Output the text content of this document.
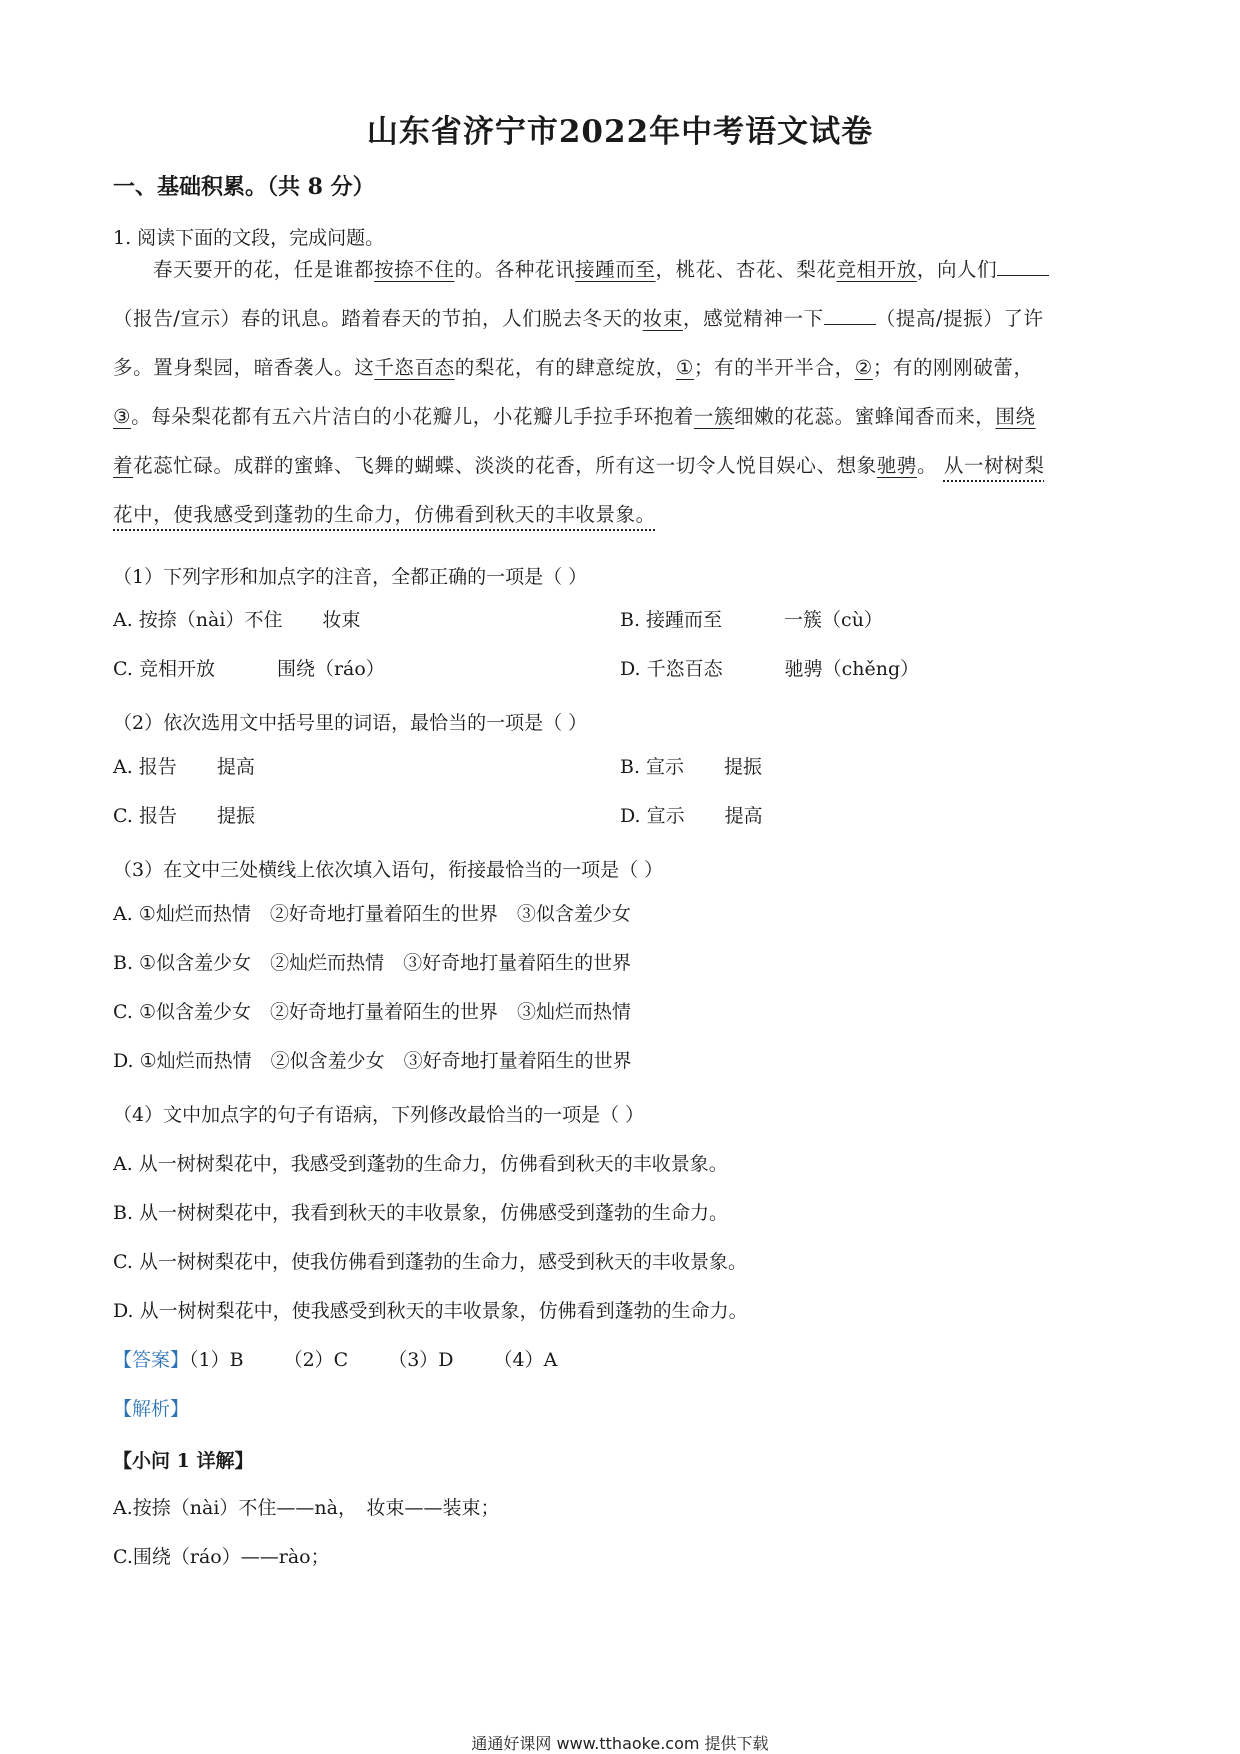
山东省济宁市2022年中考语文试卷
一、基础积累。（共 8 分）
1. 阅读下面的文段，完成问题。
春天要开的花，任是谁都按捺不住的。各种花讯接踵而至，桃花、杏花、梨花竞相开放，向人们
（报告/宣示）春的讯息。踏着春天的节拍，人们脱去冬天的妆束，感觉精神一下	（提高/提振）了许
多。置身梨园，暗香袭人。这千恣百态的梨花，有的肆意绽放，①；有的半开半合，②；有的刚刚破蕾，
③。每朵梨花都有五六片洁白的小花瓣儿，小花瓣儿手拉手环抱着一簇细嫩的花蕊。蜜蜂闻香而来，围绕
着花蕊忙碌。成群的蜜蜂、飞舞的蝴蝶、淡淡的花香，所有这一切令人悦目娱心、想象驰骋。 从一树树梨
花中，使我感受到蓬勃的生命力，仿佛看到秋天的丰收景象。
（1）下列字形和加点字的注音，全都正确的一项是（ ）
A. 按捺（nài）不住 妆束	B. 接踵而至	一簇（cù）
C. 竞相开放	围绕（ráo）	D. 千恣百态	驰骋（chěng）
（2）依次选用文中括号里的词语，最恰当的一项是（ ）
A. 报告 提高	B. 宣示 提振
C. 报告 提振	D. 宣示 提高
（3）在文中三处横线上依次填入语句，衔接最恰当的一项是（ ）
A. ①灿烂而热情　②好奇地打量着陌生的世界　③似含羞少女
B. ①似含羞少女　②灿烂而热情　③好奇地打量着陌生的世界
C. ①似含羞少女　②好奇地打量着陌生的世界　③灿烂而热情
D. ①灿烂而热情　②似含羞少女　③好奇地打量着陌生的世界
（4）文中加点字的句子有语病，下列修改最恰当的一项是（ ）
A. 从一树树梨花中，我感受到蓬勃的生命力，仿佛看到秋天的丰收景象。
B. 从一树树梨花中，我看到秋天的丰收景象，仿佛感受到蓬勃的生命力。
C. 从一树树梨花中，使我仿佛看到蓬勃的生命力，感受到秋天的丰收景象。
D. 从一树树梨花中，使我感受到秋天的丰收景象，仿佛看到蓬勃的生命力。
【答案】（1）B （2）C （3）D （4）A
【解析】
【小问 1 详解】
A.按捺（nài）不住——nà，　妆束——装束；
C.围绕（ráo）——rào；
通通好课网 www.tthaoke.com 提供下载
